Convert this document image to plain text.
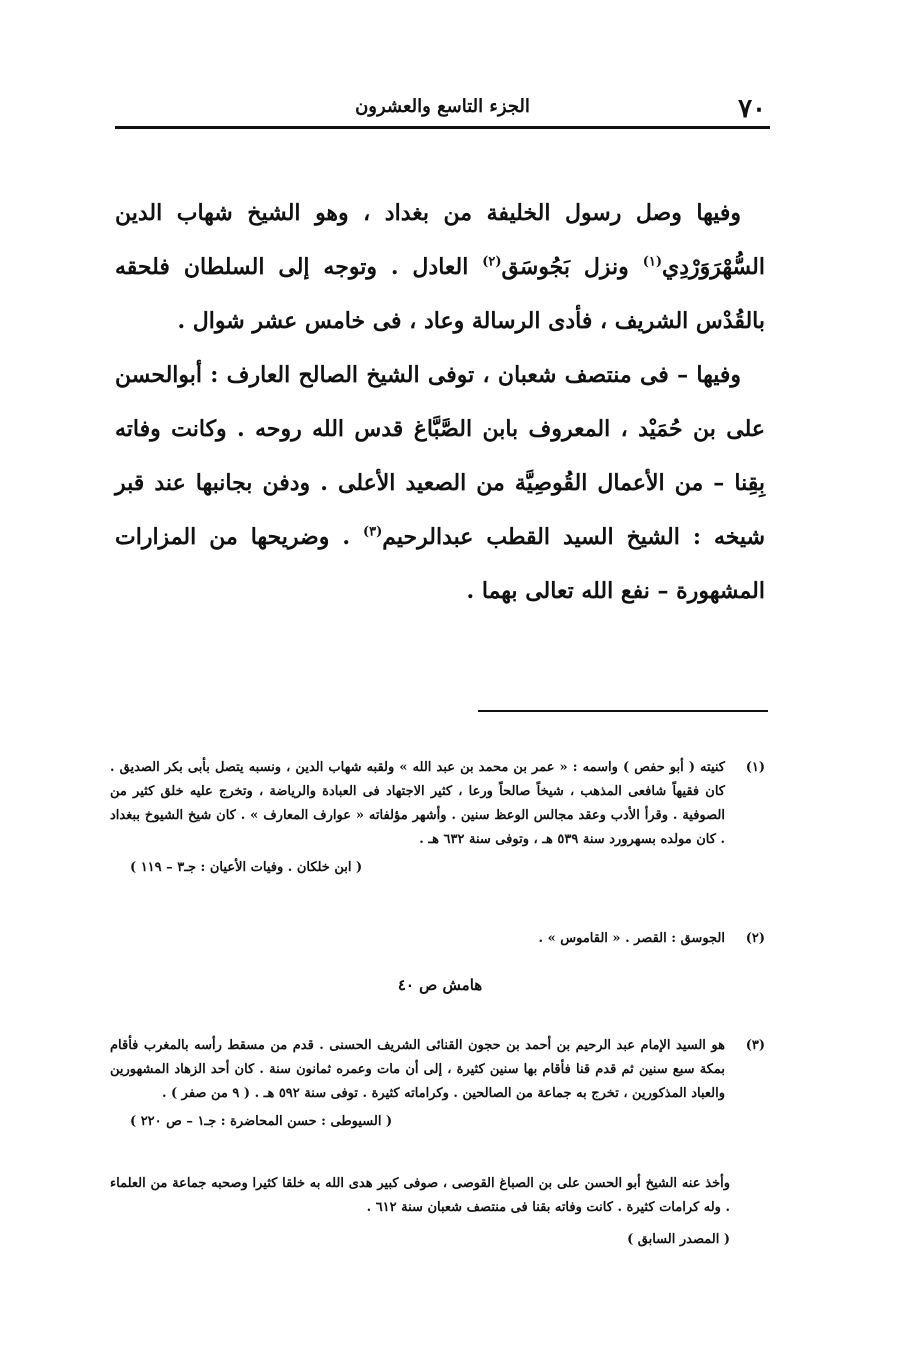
٧٠
الجزء التاسع والعشرون

وفيها وصل رسول الخليفة من بغداد ، وهو الشيخ شهاب الدين السُّهْرَوَرْدِي$^{(١)}$ ونزل بَجُوسَق$^{(٢)}$ العادل . وتوجه إلى السلطان فلحقه بالقُدْس الشريف ، فأدى الرسالة وعاد ، فى خامس عشر شوال .

وفيها – فى منتصف شعبان ، توفى الشيخ الصالح العارف : أبوالحسن على بن حُمَيْد ، المعروف بابن الصَّبَّاغ قدس الله روحه . وكانت وفاته بِقِنا – من الأعمال القُوصِيَّة من الصعيد الأعلى . ودفن بجانبها عند قبر شيخه : الشيخ السيد القطب عبدالرحيم$^{(٣)}$ . وضريحها من المزارات المشهورة – نفع الله تعالى بهما .

(١)
كنيته ( أبو حفص ) واسمه : « عمر بن محمد بن عبد الله » ولقبه شهاب الدين ، ونسبه يتصل بأبى بكر الصديق . كان فقيهاً شافعى المذهب ، شيخاً صالحاً ورعا ، كثير الاجتهاد فى العبادة والرياضة ، وتخرج عليه خلق كثير من الصوفية . وقرأ الأدب وعقد مجالس الوعظ سنين . وأشهر مؤلفاته « عوارف المعارف » . كان شيخ الشيوخ ببغداد . كان مولده بسهرورد سنة ٥٣٩ هـ ، وتوفى سنة ٦٣٢ هـ .

( ابن خلكان . وفيات الأعيان : جـ٣ – ١١٩ )

(٢)
الجوسق : القصر . « القاموس » .

هامش ص ٤٠

(٣)
هو السيد الإمام عبد الرحيم بن أحمد بن حجون القنائى الشريف الحسنى . قدم من مسقط رأسه بالمغرب فأقام بمكة سبع سنين ثم قدم قنا فأقام بها سنين كثيرة ، إلى أن مات وعمره ثمانون سنة . كان أحد الزهاد المشهورين والعباد المذكورين ، تخرج به جماعة من الصالحين . وكراماته كثيرة . توفى سنة ٥٩٢ هـ . ( ٩ من صفر ) .

( السيوطى : حسن المحاضرة : جـ١ – ص ٢٢٠ )

وأخذ عنه الشيخ أبو الحسن على بن الصباغ القوصى ، صوفى كبير هدى الله به خلقا كثيرا وصحبه جماعة من العلماء . وله كرامات كثيرة . كانت وفاته بقنا فى منتصف شعبان سنة ٦١٢ .

( المصدر السابق )
